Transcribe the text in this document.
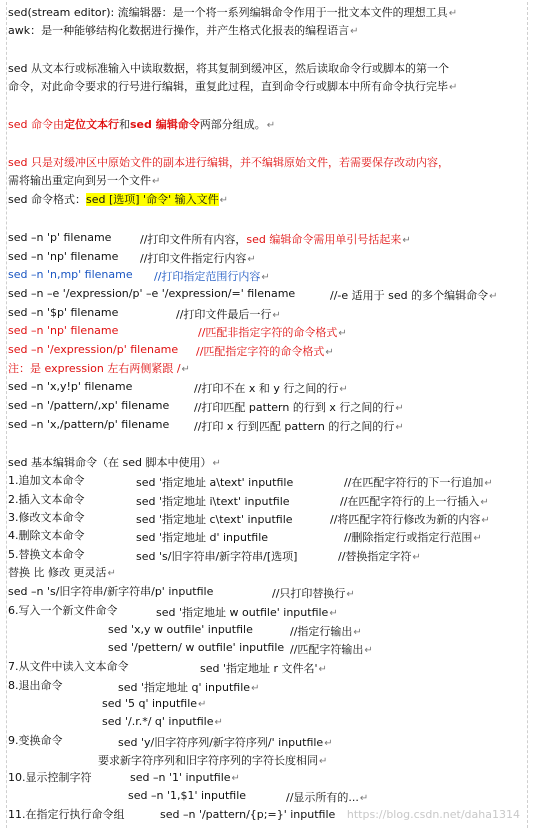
sed(stream editor): 流编辑器：是一个将一系列编辑命令作用于一批文本文件的理想工具↵
awk：是一种能够结构化数据进行操作，并产生格式化报表的编程语言↵
sed 从文本行或标准输入中读取数据，将其复制到缓冲区，然后读取命令行或脚本的第一个
命令，对此命令要求的行号进行编辑，重复此过程，直到命令行或脚本中所有命令执行完毕↵
sed 命令由定位文本行和sed 编辑命令两部分组成。↵
sed 只是对缓冲区中原始文件的副本进行编辑，并不编辑原始文件，若需要保存改动内容，
需将输出重定向到另一个文件↵
sed 命令格式：sed [选项] '命令' 输入文件↵
sed –n 'p' filename	//打印文件所有内容，sed 编辑命令需用单引号括起来↵
sed –n 'np' filename //打印文件指定行内容↵
sed –n 'n,mp' filename //打印指定范围行内容↵
sed –n –e '/expression/p' –e '/expression/=' filename	//-e 适用于 sed 的多个编辑命令↵
sed –n '$p' filename	//打印文件最后一行↵
sed –n 'np' filename	//匹配非指定字符的命令格式↵
sed –n '/expression/p' filename //匹配指定字符的命令格式↵
注：是 expression 左右两侧紧跟 /↵
sed –n 'x,y!p' filename	//打印不在 x 和 y 行之间的行↵
sed –n '/pattern/,xp' filename //打印匹配 pattern 的行到 x 行之间的行↵
sed –n 'x,/pattern/p' filename //打印 x 行到匹配 pattern 的行之间的行↵
sed 基本编辑命令（在 sed 脚本中使用）↵
1.追加文本命令	sed '指定地址 a\text' inputfile	//在匹配字符行的下一行追加↵
2.插入文本命令	sed '指定地址 i\text' inputfile	//在匹配字符行的上一行插入↵
3.修改文本命令	sed '指定地址 c\text' inputfile	//将匹配字符行修改为新的内容↵
4.删除文本命令	sed '指定地址 d' inputfile	//删除指定行或指定行范围↵
5.替换文本命令	sed 's/旧字符串/新字符串/[选项]	//替换指定字符↵
替换 比 修改 更灵活↵
sed –n 's/旧字符串/新字符串/p' inputfile	//只打印替换行↵
6.写入一个新文件命令	sed '指定地址 w outfile' inputfile↵
sed 'x,y w outfile' inputfile	//指定行输出↵
sed '/pettern/ w outfile' inputfile //匹配字符输出↵
7.从文件中读入文本命令	sed '指定地址 r 文件名'↵
8.退出命令	sed '指定地址 q' inputfile↵
sed '5 q' inputfile↵
sed '/.r.*/ q' inputfile↵
9.变换命令	sed 'y/旧字符序列/新字符序列/' inputfile↵
要求新字符序列和旧字符序列的字符长度相同↵
10.显示控制字符	sed –n '1' inputfile↵
sed –n '1,$1' inputfile	//显示所有的...↵
11.在指定行执行命令组	sed –n '/pattern/{p;=}' inputfile https://blog.csdn.net/daha1314
